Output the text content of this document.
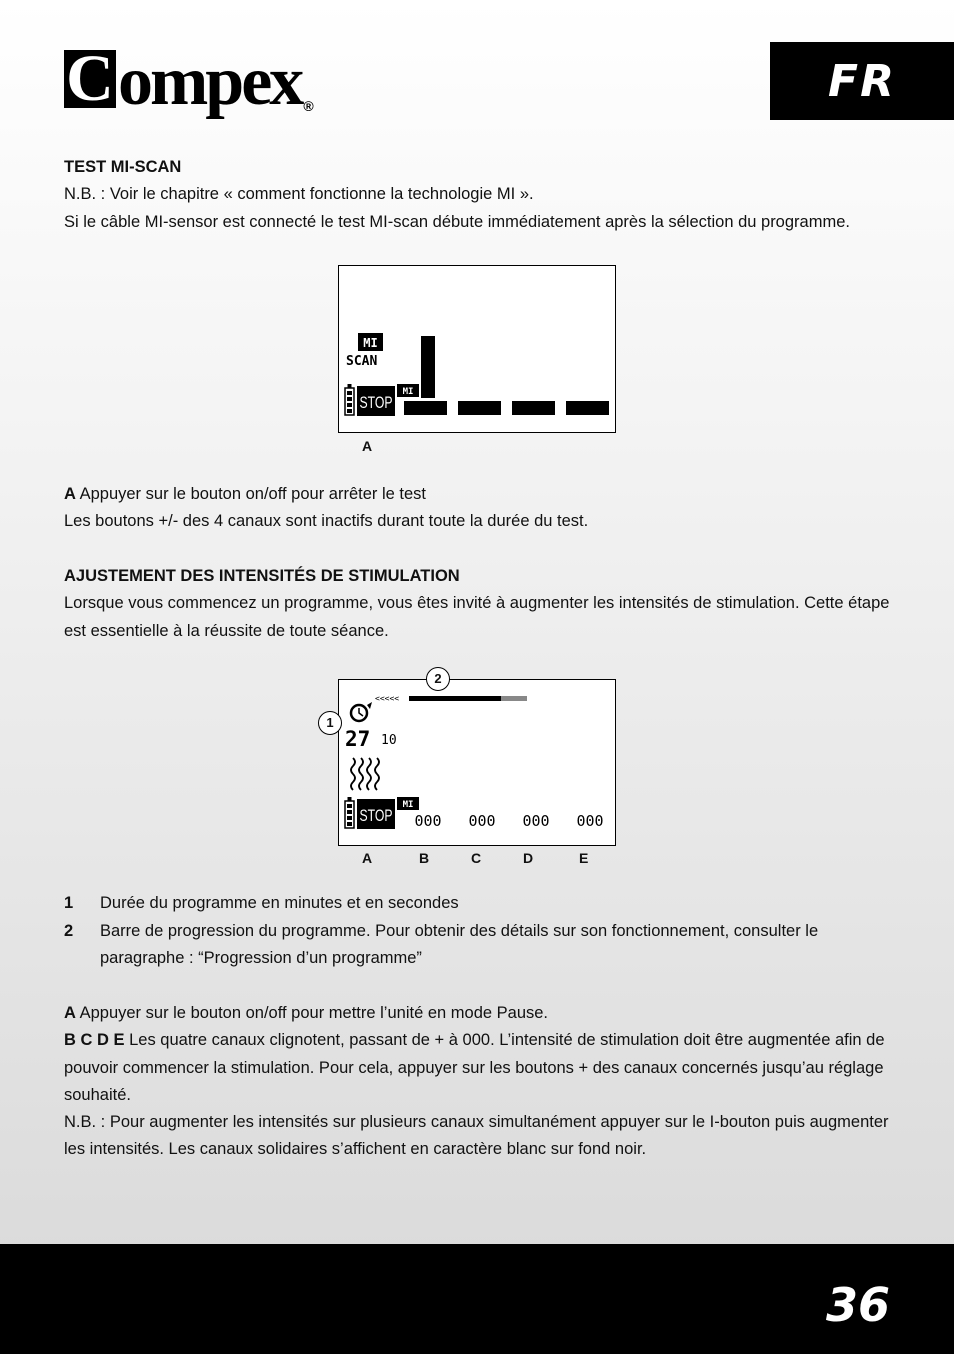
C ompex ®	FR
TEST MI-SCAN
N.B. : Voir le chapitre « comment fonctionne la technologie MI ».
Si le câble MI-sensor est connecté le test MI-scan débute immédiatement après la sélection du programme.
MI
SCAN
STOP
MI
A
A Appuyer sur le bouton on/off pour arrêter le test
Les boutons +/- des 4 canaux sont inactifs durant toute la durée du test.
AJUSTEMENT DES INTENSITÉS DE STIMULATION
Lorsque vous commencez un programme, vous êtes invité à augmenter les intensités de stimulation. Cette étape est essentielle à la réussite de toute séance.
<<<<<
27 10
STOP
MI
000 000 000 000
2
1
A	B	C	D	E
1	Durée du programme en minutes et en secondes
2	Barre de progression du programme. Pour obtenir des détails sur son fonctionnement, consulter le paragraphe : “Progression d’un programme”
A Appuyer sur le bouton on/off pour mettre l’unité en mode Pause.
B C D E Les quatre canaux clignotent, passant de + à 000. L’intensité de stimulation doit être augmentée afin de pouvoir commencer la stimulation. Pour cela, appuyer sur les boutons + des canaux concernés jusqu’au réglage souhaité.
N.B. : Pour augmenter les intensités sur plusieurs canaux simultanément appuyer sur le I-bouton puis augmenter les intensités. Les canaux solidaires s’affichent en caractère blanc sur fond noir.
36
